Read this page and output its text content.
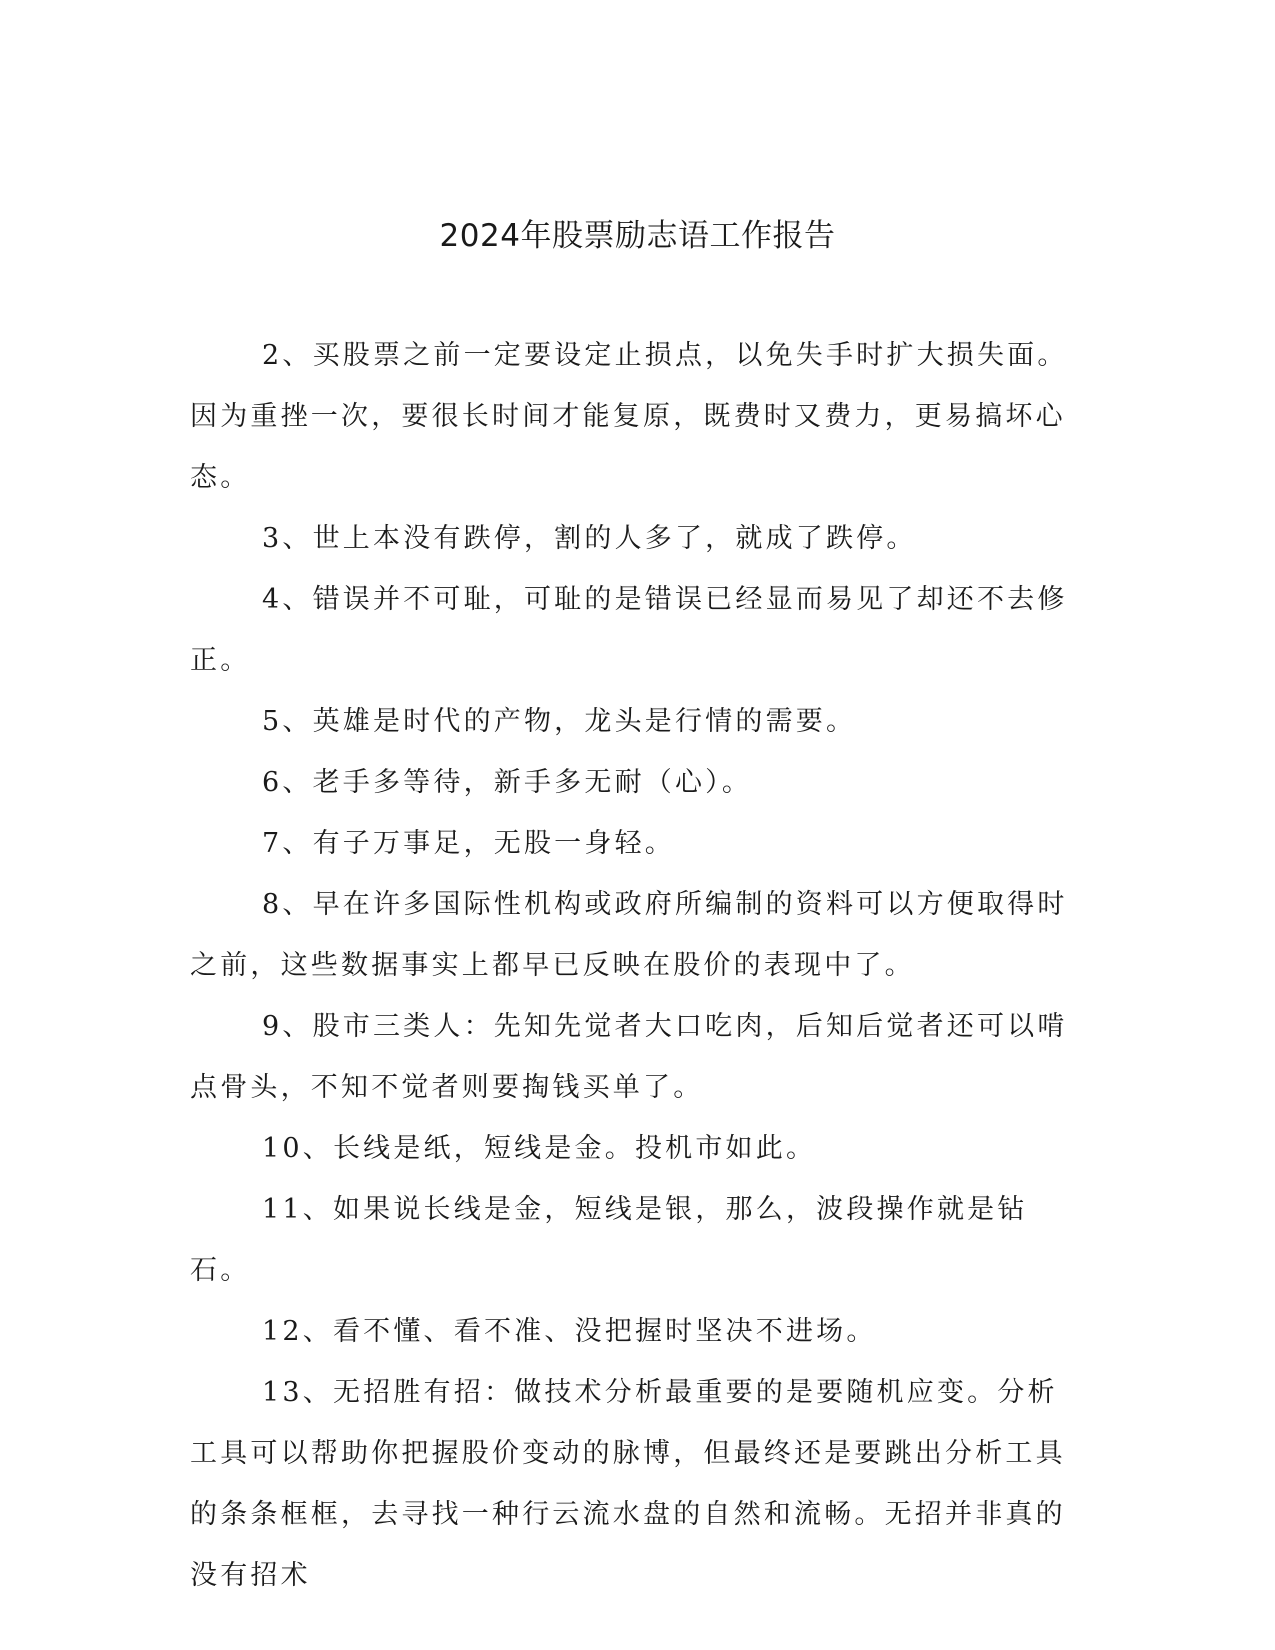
2024年股票励志语工作报告

2、买股票之前一定要设定止损点，以免失手时扩大损失面。因为重挫一次，要很长时间才能复原，既费时又费力，更易搞坏心态。

3、世上本没有跌停，割的人多了，就成了跌停。

4、错误并不可耻，可耻的是错误已经显而易见了却还不去修正。

5、英雄是时代的产物，龙头是行情的需要。

6、老手多等待，新手多无耐（心）。

7、有子万事足，无股一身轻。

8、早在许多国际性机构或政府所编制的资料可以方便取得时之前，这些数据事实上都早已反映在股价的表现中了。

9、股市三类人：先知先觉者大口吃肉，后知后觉者还可以啃点骨头，不知不觉者则要掏钱买单了。

10、长线是纸，短线是金。投机市如此。

11、如果说长线是金，短线是银，那么，波段操作就是钻石。

12、看不懂、看不准、没把握时坚决不进场。

13、无招胜有招：做技术分析最重要的是要随机应变。分析工具可以帮助你把握股价变动的脉博，但最终还是要跳出分析工具的条条框框，去寻找一种行云流水盘的自然和流畅。无招并非真的没有招术
